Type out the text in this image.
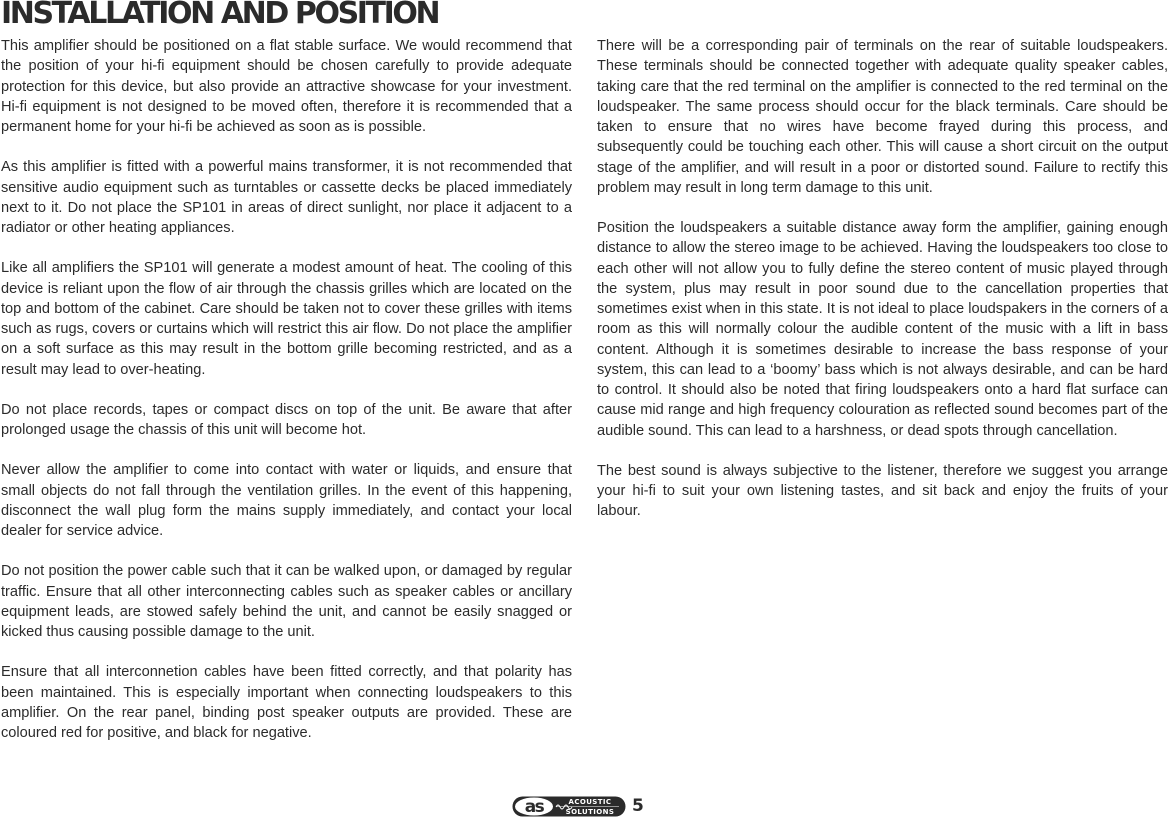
INSTALLATION AND POSITION

This amplifier should be positioned on a flat stable surface. We would recommend that the position of your hi-fi equipment should be chosen carefully to provide adequate protection for this device, but also provide an attractive showcase for your investment. Hi-fi equipment is not designed to be moved often, therefore it is recommended that a permanent home for your hi-fi be achieved as soon as is possible.

As this amplifier is fitted with a powerful mains transformer, it is not recommended that sensitive audio equipment such as turntables or cassette decks be placed immediately next to it. Do not place the SP101 in areas of direct sunlight, nor place it adjacent to a radiator or other heating appliances.

Like all amplifiers the SP101 will generate a modest amount of heat. The cooling of this device is reliant upon the flow of air through the chassis grilles which are located on the top and bottom of the cabinet. Care should be taken not to cover these grilles with items such as rugs, covers or curtains which will restrict this air flow. Do not place the amplifier on a soft surface as this may result in the bottom grille becoming restricted, and as a result may lead to over-heating.

Do not place records, tapes or compact discs on top of the unit. Be aware that after prolonged usage the chassis of this unit will become hot.

Never allow the amplifier to come into contact with water or liquids, and ensure that small objects do not fall through the ventilation grilles. In the event of this happening, disconnect the wall plug form the mains supply immediately, and contact your local dealer for service advice.

Do not position the power cable such that it can be walked upon, or damaged by regular traffic. Ensure that all other interconnecting cables such as speaker cables or ancillary equipment leads, are stowed safely behind the unit, and cannot be easily snagged or kicked thus causing possible damage to the unit.

Ensure that all interconnetion cables have been fitted correctly, and that polarity has been maintained. This is especially important when connecting loudspeakers to this amplifier. On the rear panel, binding post speaker outputs are provided. These are coloured red for positive, and black for negative.

There will be a corresponding pair of terminals on the rear of suitable loudspeakers. These terminals should be connected together with adequate quality speaker cables, taking care that the red terminal on the amplifier is connected to the red terminal on the loudspeaker. The same process should occur for the black terminals. Care should be taken to ensure that no wires have become frayed during this process, and subsequently could be touching each other. This will cause a short circuit on the output stage of the amplifier, and will result in a poor or distorted sound. Failure to rectify this problem may result in long term damage to this unit.

Position the loudspeakers a suitable distance away form the amplifier, gaining enough distance to allow the stereo image to be achieved. Having the loudspeakers too close to each other will not allow you to fully define the stereo content of music played through the system, plus may result in poor sound due to the cancellation properties that sometimes exist when in this state. It is not ideal to place loudspakers in the corners of a room as this will normally colour the audible content of the music with a lift in bass content. Although it is sometimes desirable to increase the bass response of your system, this can lead to a ‘boomy’ bass which is not always desirable, and can be hard to control. It should also be noted that firing loudspeakers onto a hard flat surface can cause mid range and high frequency colouration as reflected sound becomes part of the audible sound. This can lead to a harshness, or dead spots through cancellation.

The best sound is always subjective to the listener, therefore we suggest you arrange your hi-fi to suit your own listening tastes, and sit back and enjoy the fruits of your labour.

as	ACOUSTIC
SOLUTIONS 5
